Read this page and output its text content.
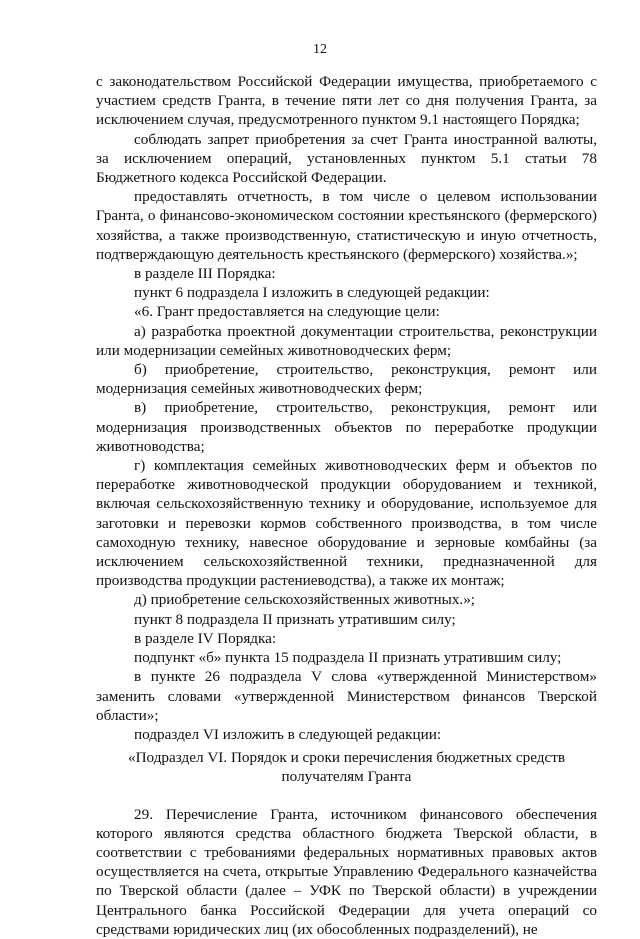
12

с законодательством Российской Федерации имущества, приобретаемого с участием средств Гранта, в течение пяти лет со дня получения Гранта, за исключением случая, предусмотренного пунктом 9.1 настоящего Порядка;

соблюдать запрет приобретения за счет Гранта иностранной валюты, за исключением операций, установленных пунктом 5.1 статьи 78 Бюджетного кодекса Российской Федерации.

предоставлять отчетность, в том числе о целевом использовании Гранта, о финансово-экономическом состоянии крестьянского (фермерского) хозяйства, а также производственную, статистическую и иную отчетность, подтверждающую деятельность крестьянского (фермерского) хозяйства.»;

в разделе III Порядка:

пункт 6 подраздела I изложить в следующей редакции:

«6. Грант предоставляется на следующие цели:

а) разработка проектной документации строительства, реконструкции или модернизации семейных животноводческих ферм;

б) приобретение, строительство, реконструкция, ремонт или модернизация семейных животноводческих ферм;

в) приобретение, строительство, реконструкция, ремонт или модернизация производственных объектов по переработке продукции животноводства;

г) комплектация семейных животноводческих ферм и объектов по переработке животноводческой продукции оборудованием и техникой, включая сельскохозяйственную технику и оборудование, используемое для заготовки и перевозки кормов собственного производства, в том числе самоходную технику, навесное оборудование и зерновые комбайны (за исключением сельскохозяйственной техники, предназначенной для производства продукции растениеводства), а также их монтаж;

д) приобретение сельскохозяйственных животных.»;

пункт 8 подраздела II признать утратившим силу;

в разделе IV Порядка:

подпункт «б» пункта 15 подраздела II признать утратившим силу;

в пункте 26 подраздела V слова «утвержденной Министерством» заменить словами «утвержденной Министерством финансов Тверской области»;

подраздел VI изложить в следующей редакции:

«Подраздел VI. Порядок и сроки перечисления бюджетных средств

получателям Гранта

29. Перечисление Гранта, источником финансового обеспечения которого являются средства областного бюджета Тверской области, в соответствии с требованиями федеральных нормативных правовых актов осуществляется на счета, открытые Управлению Федерального казначейства по Тверской области (далее – УФК по Тверской области) в учреждении Центрального банка Российской Федерации для учета операций со средствами юридических лиц (их обособленных подразделений), не
